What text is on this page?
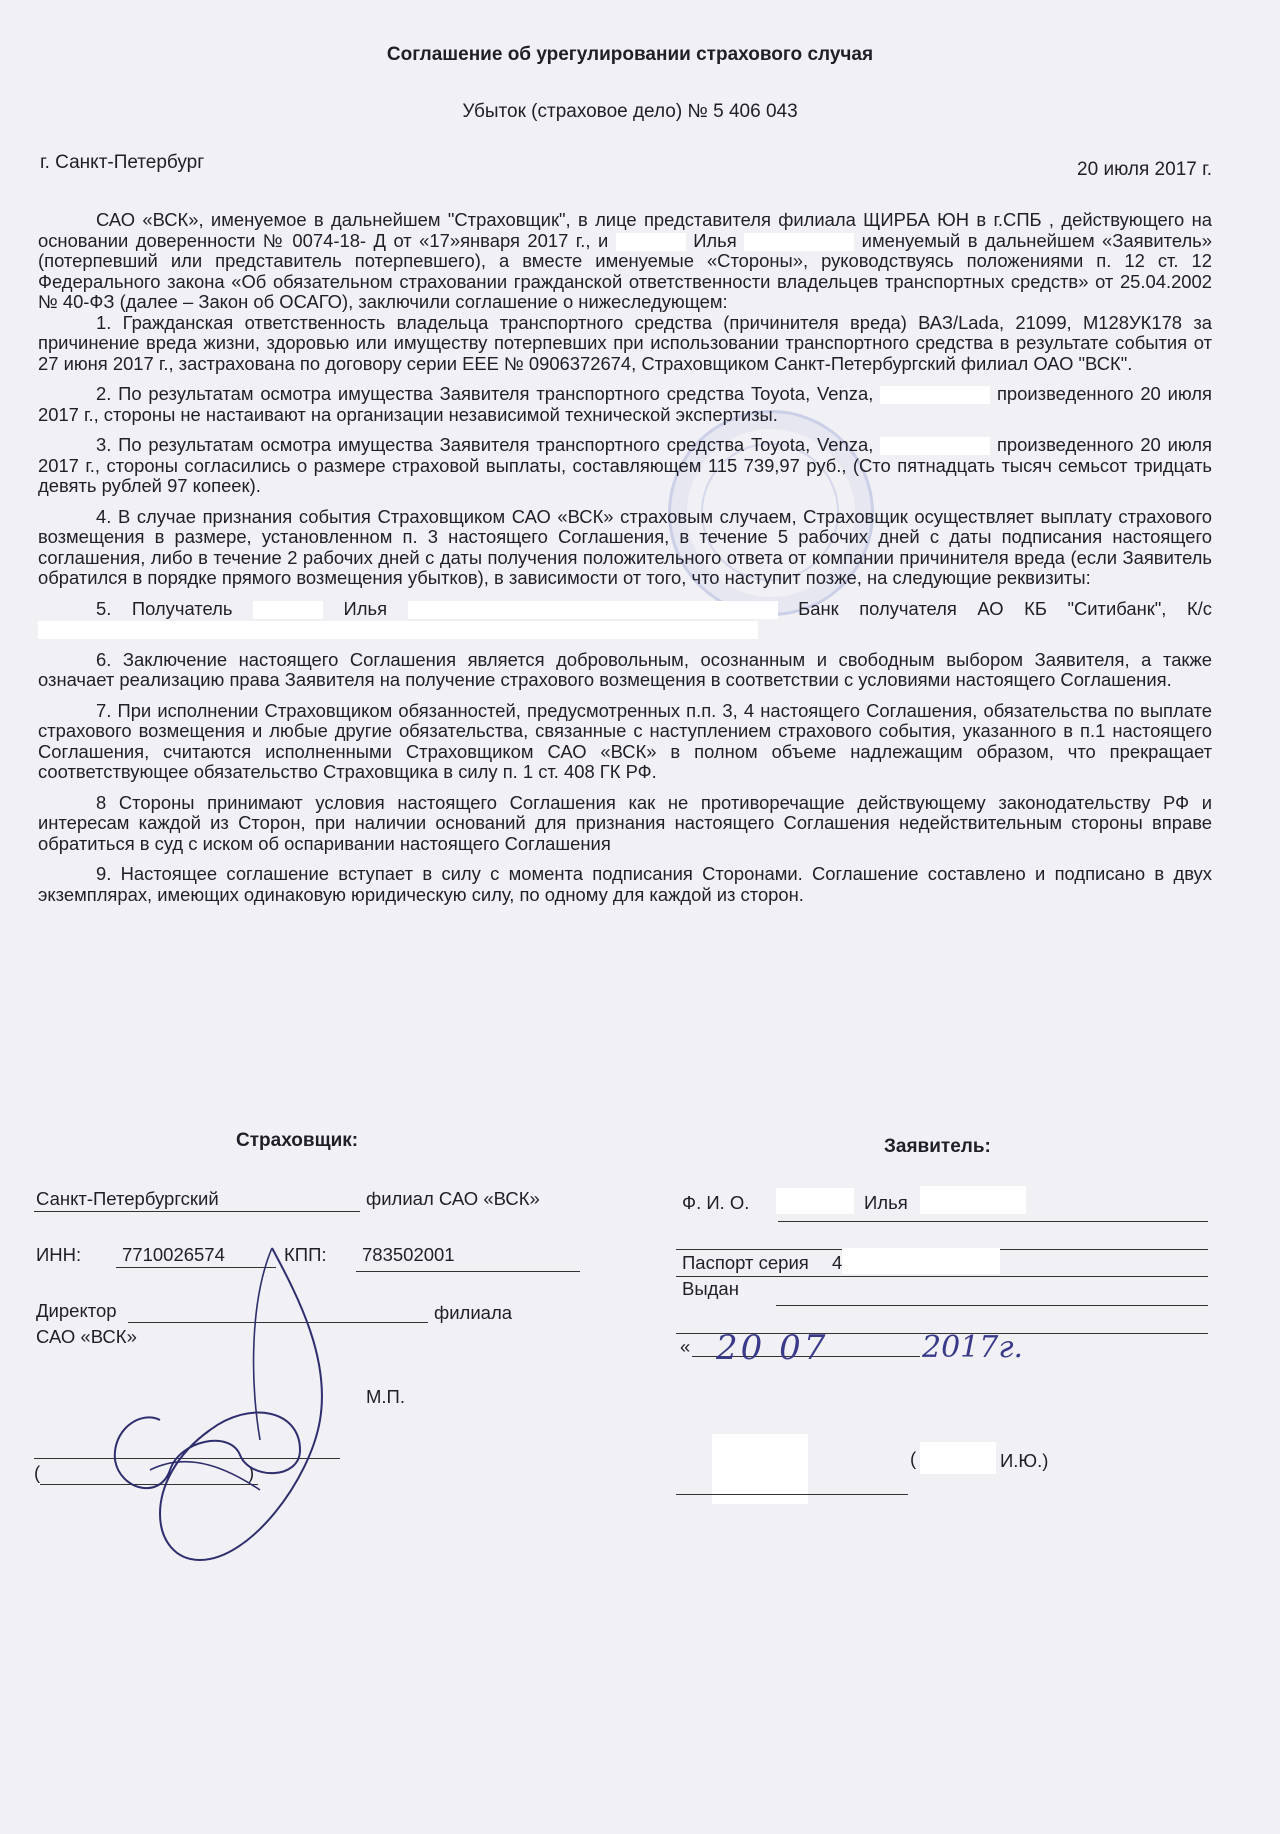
Соглашение об урегулировании страхового случая
Убыток (страховое дело) № 5 406 043
г. Санкт-Петербург	20 июля 2017 г.

САО «ВСК», именуемое в дальнейшем "Страховщик", в лице представителя филиала ЩИРБА ЮН в г.СПБ , действующего на основании доверенности № 0074-18- Д от «17»января 2017 г., и	Илья	именуемый в дальнейшем «Заявитель» (потерпевший или представитель потерпевшего), а вместе именуемые «Стороны», руководствуясь положениями п. 12 ст. 12 Федерального закона «Об обязательном страховании гражданской ответственности владельцев транспортных средств» от 25.04.2002 № 40-ФЗ (далее – Закон об ОСАГО), заключили соглашение о нижеследующем:

1. Гражданская ответственность владельца транспортного средства (причинителя вреда) ВАЗ/Lada, 21099, М128УК178 за причинение вреда жизни, здоровью или имуществу потерпевших при использовании транспортного средства в результате события от 27 июня 2017 г., застрахована по договору серии ЕЕЕ № 0906372674, Страховщиком Санкт-Петербургский филиал ОАО "ВСК".

2. По результатам осмотра имущества Заявителя транспортного средства Toyota, Venza,	произведенного 20 июля 2017 г., стороны не настаивают на организации независимой технической экспертизы.

3. По результатам осмотра имущества Заявителя транспортного средства Toyota, Venza,	произведенного 20 июля 2017 г., стороны согласились о размере страховой выплаты, составляющем 115 739,97 руб., (Сто пятнадцать тысяч семьсот тридцать девять рублей 97 копеек).

4. В случае признания события Страховщиком САО «ВСК» страховым случаем, Страховщик осуществляет выплату страхового возмещения в размере, установленном п. 3 настоящего Соглашения, в течение 5 рабочих дней с даты подписания настоящего соглашения, либо в течение 2 рабочих дней с даты получения положительного ответа от компании причинителя вреда (если Заявитель обратился в порядке прямого возмещения убытков), в зависимости от того, что наступит позже, на следующие реквизиты:

5. Получатель	Илья	Банк получателя АО КБ "Ситибанк", К/с

6. Заключение настоящего Соглашения является добровольным, осознанным и свободным выбором Заявителя, а также означает реализацию права Заявителя на получение страхового возмещения в соответствии с условиями настоящего Соглашения.

7. При исполнении Страховщиком обязанностей, предусмотренных п.п. 3, 4 настоящего Соглашения, обязательства по выплате страхового возмещения и любые другие обязательства, связанные с наступлением страхового события, указанного в п.1 настоящего Соглашения, считаются исполненными Страховщиком САО «ВСК» в полном объеме надлежащим образом, что прекращает соответствующее обязательство Страховщика в силу п. 1 ст. 408 ГК РФ.

8 Стороны принимают условия настоящего Соглашения как не противоречащие действующему законодательству РФ и интересам каждой из Сторон, при наличии оснований для признания настоящего Соглашения недействительным стороны вправе обратиться в суд с иском об оспаривании настоящего Соглашения

9. Настоящее соглашение вступает в силу с момента подписания Сторонами. Соглашение составлено и подписано в двух экземплярах, имеющих одинаковую юридическую силу, по одному для каждой из сторон.

Страховщик:
Санкт-Петербургский	филиал САО «ВСК»
ИНН: 7710026574	КПП: 783502001
Директор	филиала
САО «ВСК»
М.П.
(	)
Заявитель:
Ф. И. О.	Илья
Паспорт серия 4
Выдан
« 20 07	2017г.
(	И.Ю.)
